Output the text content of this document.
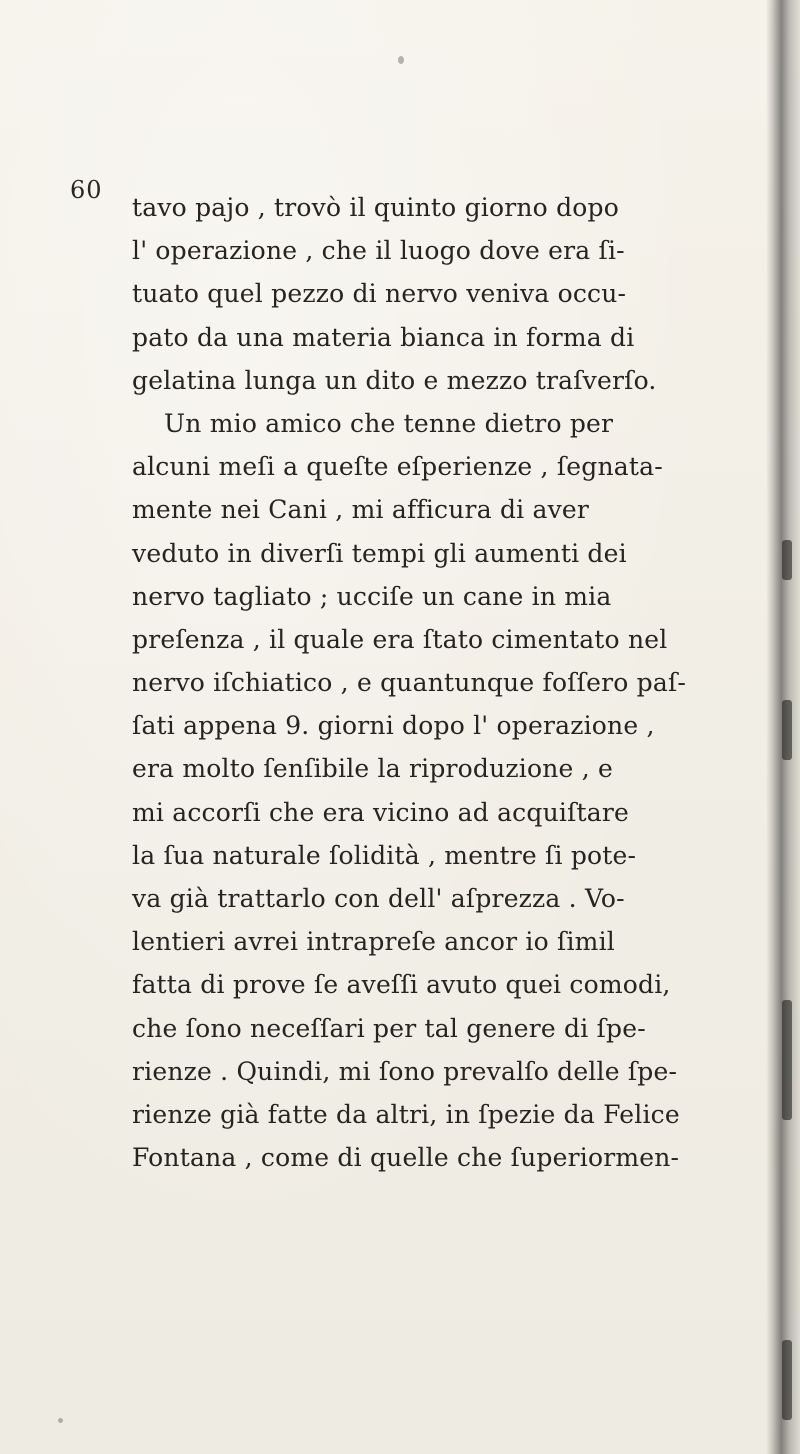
60
tavo pajo , trovò il quinto giorno dopo
l' operazione , che il luogo dove era ſi-
tuato quel pezzo di nervo veniva occu-
pato da una materia bianca in forma di
gelatina lunga un dito e mezzo traſverſo.
Un mio amico che tenne dietro per
alcuni meſi a queſte eſperienze , ſegnata-
mente nei Cani , mi afficura di aver
veduto in diverſi tempi gli aumenti dei
nervo tagliato ; ucciſe un cane in mia
preſenza , il quale era ſtato cimentato nel
nervo iſchiatico , e quantunque foſſero paſ-
ſati appena 9. giorni dopo l' operazione ,
era molto ſenſibile la riproduzione , e
mi accorſi che era vicino ad acquiſtare
la ſua naturale ſolidità , mentre ſi pote-
va già trattarlo con dell' aſprezza . Vo-
lentieri avrei intrapreſe ancor io ſimil
fatta di prove ſe aveſſi avuto quei comodi,
che ſono neceſſari per tal genere di ſpe-
rienze . Quindi, mi ſono prevalſo delle ſpe-
rienze già fatte da altri, in ſpezie da Felice
Fontana , come di quelle che ſuperiormen-
